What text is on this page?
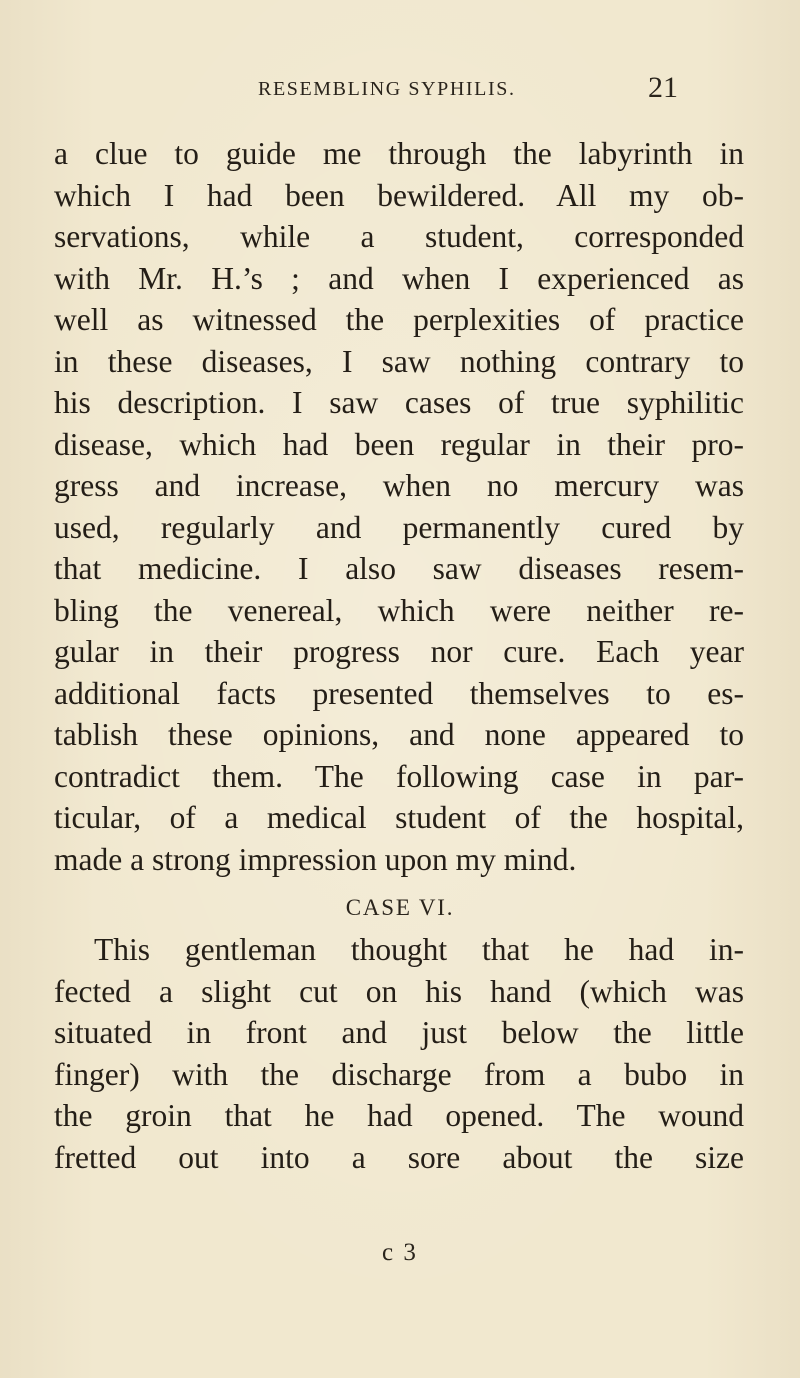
RESEMBLING SYPHILIS.	21
a clue to guide me through the labyrinth in
which I had been bewildered. All my ob-
servations, while a student, corresponded
with Mr. H.’s ; and when I experienced as
well as witnessed the perplexities of practice
in these diseases, I saw nothing contrary to
his description. I saw cases of true syphilitic
disease, which had been regular in their pro-
gress and increase, when no mercury was
used, regularly and permanently cured by
that medicine. I also saw diseases resem-
bling the venereal, which were neither re-
gular in their progress nor cure. Each year
additional facts presented themselves to es-
tablish these opinions, and none appeared to
contradict them. The following case in par-
ticular, of a medical student of the hospital,
made a strong impression upon my mind.
CASE VI.
This gentleman thought that he had in-
fected a slight cut on his hand (which was
situated in front and just below the little
finger) with the discharge from a bubo in
the groin that he had opened. The wound
fretted out into a sore about the size
c 3
